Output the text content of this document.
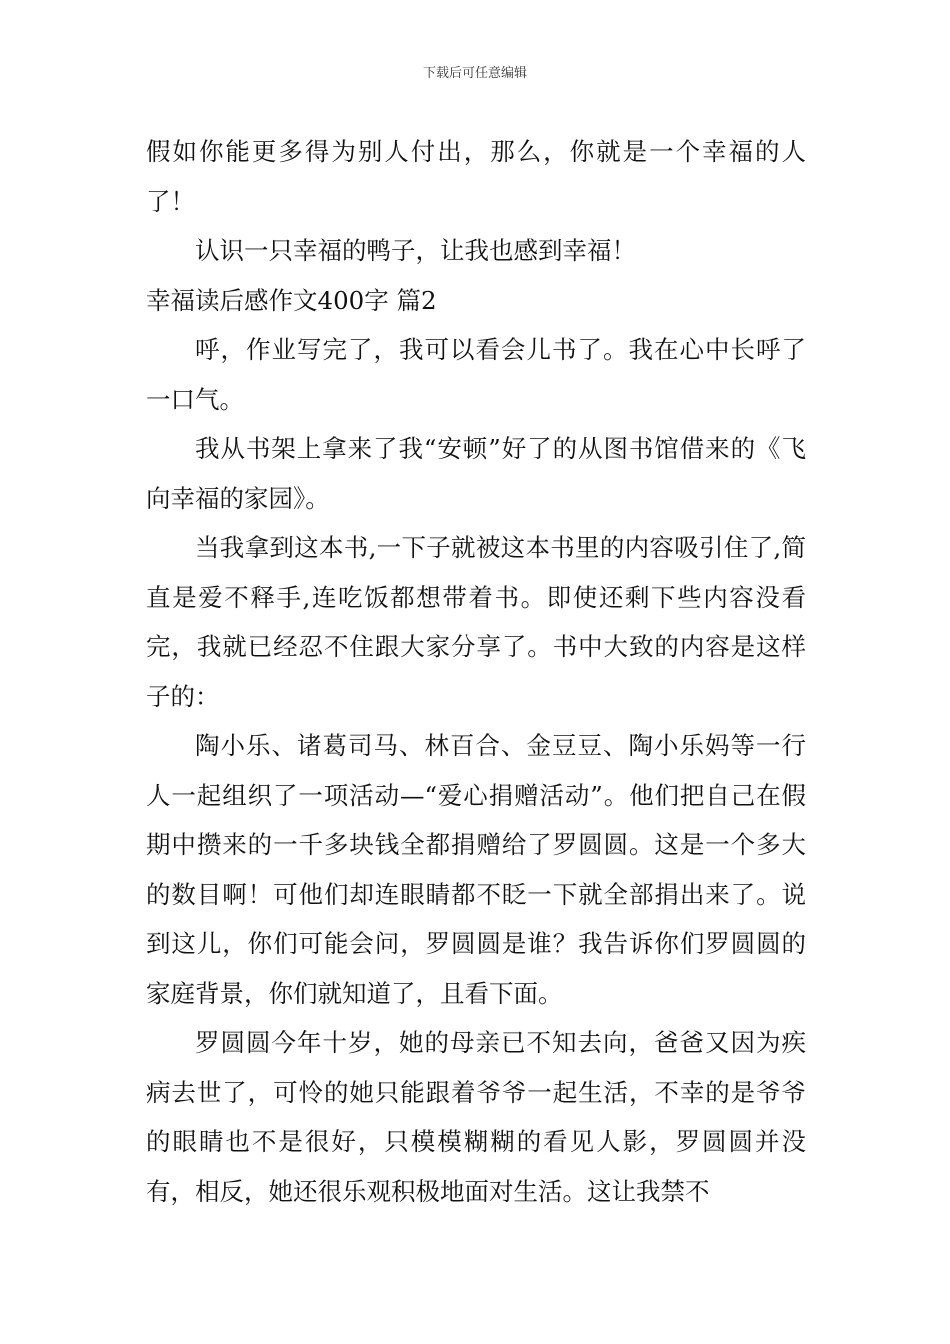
下载后可任意编辑

假如你能更多得为别人付出，那么，你就是一个幸福的人了！

认识一只幸福的鸭子，让我也感到幸福！

幸福读后感作文400字 篇2

呼，作业写完了，我可以看会儿书了。我在心中长呼了一口气。

我从书架上拿来了我“安顿”好了的从图书馆借来的《飞向幸福的家园》。

当我拿到这本书,一下子就被这本书里的内容吸引住了,简直是爱不释手,连吃饭都想带着书。即使还剩下些内容没看完，我就已经忍不住跟大家分享了。书中大致的内容是这样子的：

陶小乐、诸葛司马、林百合、金豆豆、陶小乐妈等一行人一起组织了一项活动—“爱心捐赠活动”。他们把自己在假期中攒来的一千多块钱全都捐赠给了罗圆圆。这是一个多大的数目啊！可他们却连眼睛都不眨一下就全部捐出来了。说到这儿，你们可能会问，罗圆圆是谁？我告诉你们罗圆圆的家庭背景，你们就知道了，且看下面。

罗圆圆今年十岁，她的母亲已不知去向，爸爸又因为疾病去世了，可怜的她只能跟着爷爷一起生活，不幸的是爷爷的眼睛也不是很好，只模模糊糊的看见人影，罗圆圆并没有，相反，她还很乐观积极地面对生活。这让我禁不
